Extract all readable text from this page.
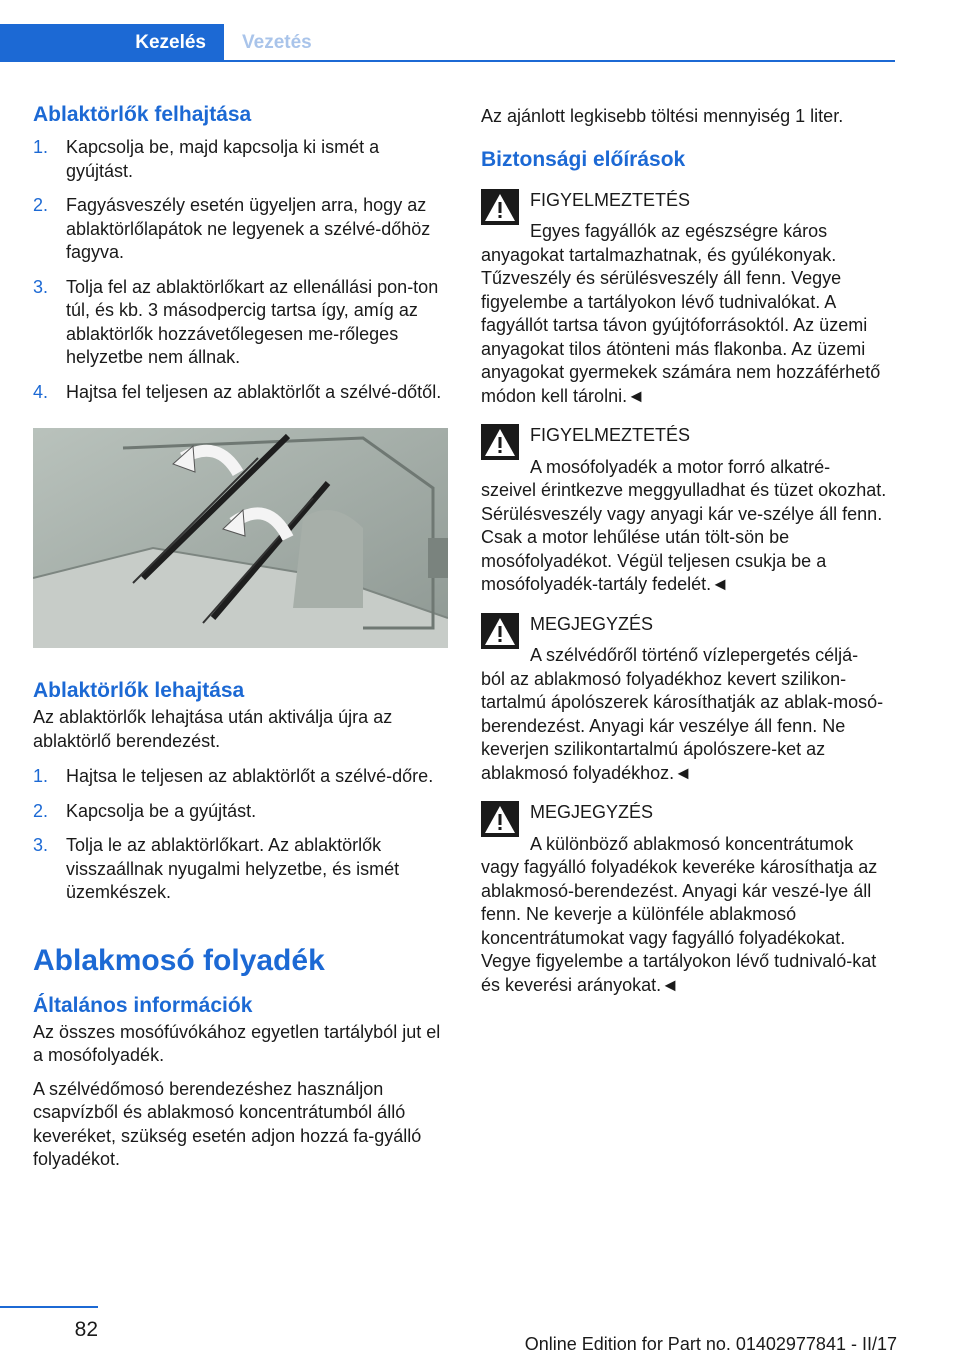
Kezelés	Vezetés
Ablaktörlők felhajtása
1. Kapcsolja be, majd kapcsolja ki ismét a gyújtást.
2. Fagyásveszély esetén ügyeljen arra, hogy az ablaktörlőlapátok ne legyenek a szélvé-dőhöz fagyva.
3. Tolja fel az ablaktörlőkart az ellenállási pon-ton túl, és kb. 3 másodpercig tartsa így, amíg az ablaktörlők hozzávetőlegesen me-rőleges helyzetbe nem állnak.
4. Hajtsa fel teljesen az ablaktörlőt a szélvé-dőtől.
Ablaktörlők lehajtása
Az ablaktörlők lehajtása után aktiválja újra az ablaktörlő berendezést.
1. Hajtsa le teljesen az ablaktörlőt a szélvé-dőre.
2. Kapcsolja be a gyújtást.
3. Tolja le az ablaktörlőkart. Az ablaktörlők visszaállnak nyugalmi helyzetbe, és ismét üzemkészek.
Ablakmosó folyadék
Általános információk
Az összes mosófúvókához egyetlen tartályból jut el a mosófolyadék.
A szélvédőmosó berendezéshez használjon csapvízből és ablakmosó koncentrátumból álló keveréket, szükség esetén adjon hozzá fa-gyálló folyadékot.
Az ajánlott legkisebb töltési mennyiség 1 liter.
Biztonsági előírások
FIGYELMEZTETÉS
Egyes fagyállók az egészségre káros
anyagokat tartalmazhatnak, és gyúlékonyak. Tűzveszély és sérülésveszély áll fenn. Vegye figyelembe a tartályokon lévő tudnivalókat. A fagyállót tartsa távon gyújtóforrásoktól. Az üzemi anyagokat tilos átönteni más flakonba. Az üzemi anyagokat gyermekek számára nem hozzáférhető módon kell tárolni.◄
FIGYELMEZTETÉS
A mosófolyadék a motor forró alkatré-
szeivel érintkezve meggyulladhat és tüzet okozhat. Sérülésveszély vagy anyagi kár ve-szélye áll fenn. Csak a motor lehűlése után tölt-sön be mosófolyadékot. Végül teljesen csukja be a mosófolyadék-tartály fedelét.◄
MEGJEGYZÉS
A szélvédőről történő vízlepergetés céljá-
ból az ablakmosó folyadékhoz kevert szilikon-tartalmú ápolószerek károsíthatják az ablak-mosó-berendezést. Anyagi kár veszélye áll fenn. Ne keverjen szilikontartalmú ápolószere-ket az ablakmosó folyadékhoz.◄
MEGJEGYZÉS
A különböző ablakmosó koncentrátumok
vagy fagyálló folyadékok keveréke károsíthatja az ablakmosó-berendezést. Anyagi kár veszé-lye áll fenn. Ne keverje a különféle ablakmosó koncentrátumokat vagy fagyálló folyadékokat. Vegye figyelembe a tartályokon lévő tudnivaló-kat és keverési arányokat.◄
82
Online Edition for Part no. 01402977841 - II/17
